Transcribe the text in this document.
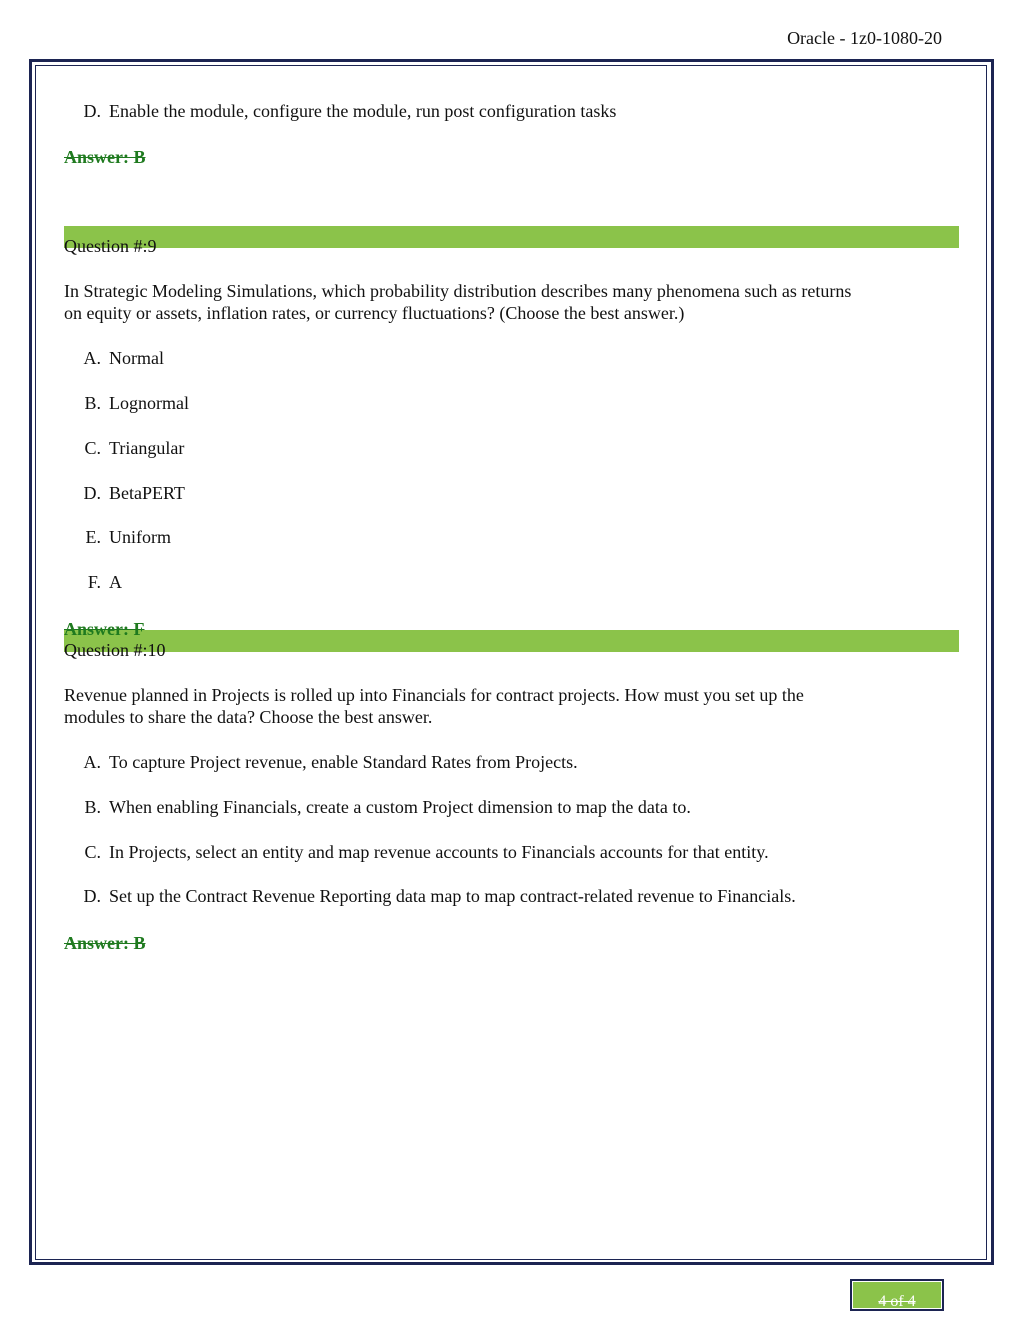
Oracle - 1z0-1080-20
D. Enable the module, configure the module, run post configuration tasks
Answer: B
Question #:9
In Strategic Modeling Simulations, which probability distribution describes many phenomena such as returns
on equity or assets, inflation rates, or currency fluctuations? (Choose the best answer.)
A. Normal
B. Lognormal
C. Triangular
D. BetaPERT
E. Uniform
F. A
Answer: F
Question #:10
Revenue planned in Projects is rolled up into Financials for contract projects. How must you set up the
modules to share the data? Choose the best answer.
A. To capture Project revenue, enable Standard Rates from Projects.
B. When enabling Financials, create a custom Project dimension to map the data to.
C. In Projects, select an entity and map revenue accounts to Financials accounts for that entity.
D. Set up the Contract Revenue Reporting data map to map contract-related revenue to Financials.
Answer: B
4 of 4
